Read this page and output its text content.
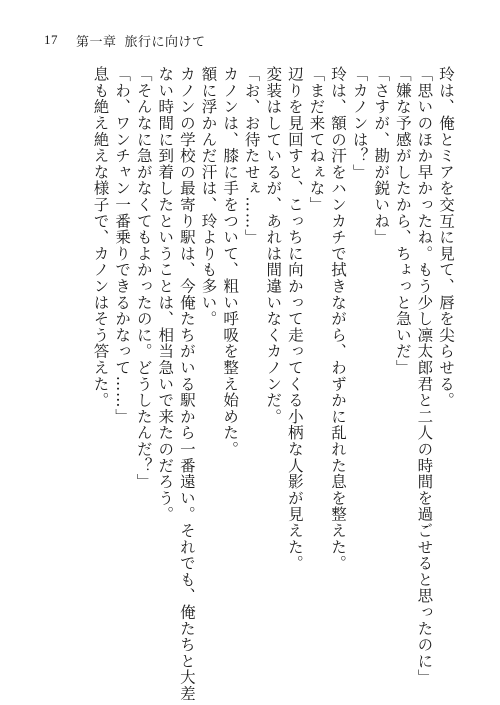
17 第一章 旅行に向けて
玲は、俺とミアを交互に見て、唇を尖らせる。
「思いのほか早かったね。もう少し凛太郎君と二人の時間を過ごせると思ったのに」
「嫌な予感がしたから、ちょっと急いだ」
「さすが、勘が鋭いね」
「カノンは？」
玲は、額の汗をハンカチで拭きながら、わずかに乱れた息を整えた。
「まだ来てねぇな」
辺りを見回すと、こっちに向かって走ってくる小柄な人影が見えた。
変装はしているが、あれは間違いなくカノンだ。
「お、お待たせぇ……」
カノンは、膝に手をついて、粗い呼吸を整え始めた。
額に浮かんだ汗は、玲よりも多い。
カノンの学校の最寄り駅は、今俺たちがいる駅から一番遠い。それでも、俺たちと大差
ない時間に到着したということは、相当急いで来たのだろう。
「そんなに急がなくてもよかったのに。どうしたんだ？」
「わ、ワンチャン一番乗りできるかなって……」
息も絶え絶えな様子で、カノンはそう答えた。
